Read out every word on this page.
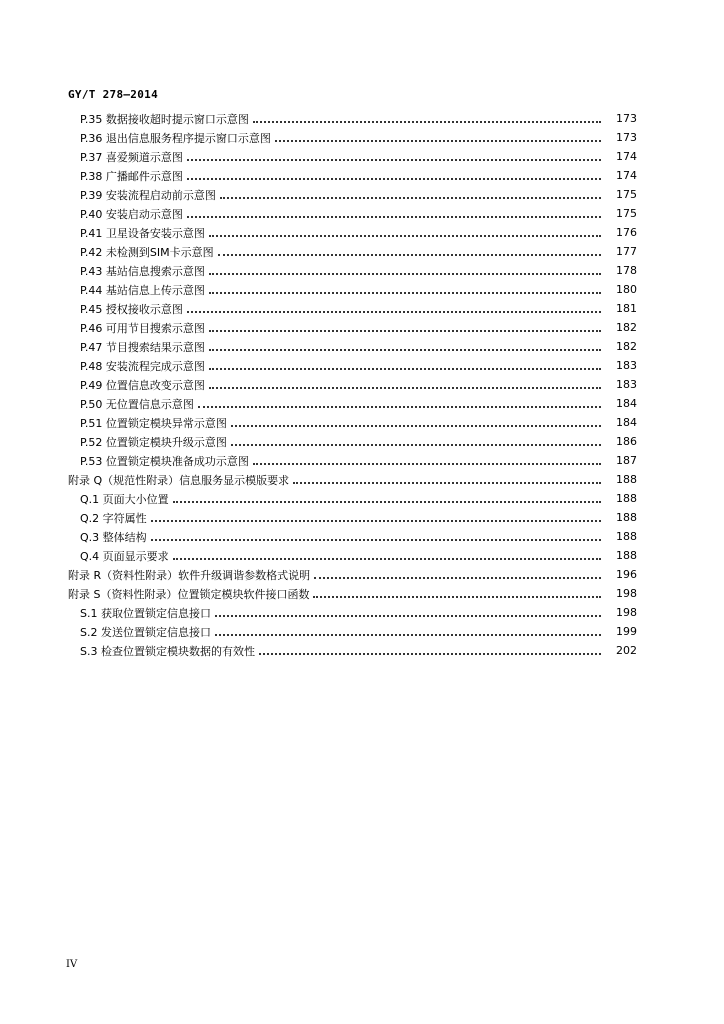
GY/T 278—2014
P.35 数据接收超时提示窗口示意图	173
P.36 退出信息服务程序提示窗口示意图	173
P.37 喜爱频道示意图	174
P.38 广播邮件示意图	174
P.39 安装流程启动前示意图	175
P.40 安装启动示意图	175
P.41 卫星设备安装示意图	176
P.42 未检测到SIM卡示意图	177
P.43 基站信息搜索示意图	178
P.44 基站信息上传示意图	180
P.45 授权接收示意图	181
P.46 可用节目搜索示意图	182
P.47 节目搜索结果示意图	182
P.48 安装流程完成示意图	183
P.49 位置信息改变示意图	183
P.50 无位置信息示意图	184
P.51 位置锁定模块异常示意图	184
P.52 位置锁定模块升级示意图	186
P.53 位置锁定模块准备成功示意图	187
附录 Q（规范性附录）信息服务显示模版要求	188
Q.1 页面大小位置	188
Q.2 字符属性	188
Q.3 整体结构	188
Q.4 页面显示要求	188
附录 R（资料性附录）软件升级调谐参数格式说明	196
附录 S（资料性附录）位置锁定模块软件接口函数	198
S.1 获取位置锁定信息接口	198
S.2 发送位置锁定信息接口	199
S.3 检查位置锁定模块数据的有效性	202
IV
